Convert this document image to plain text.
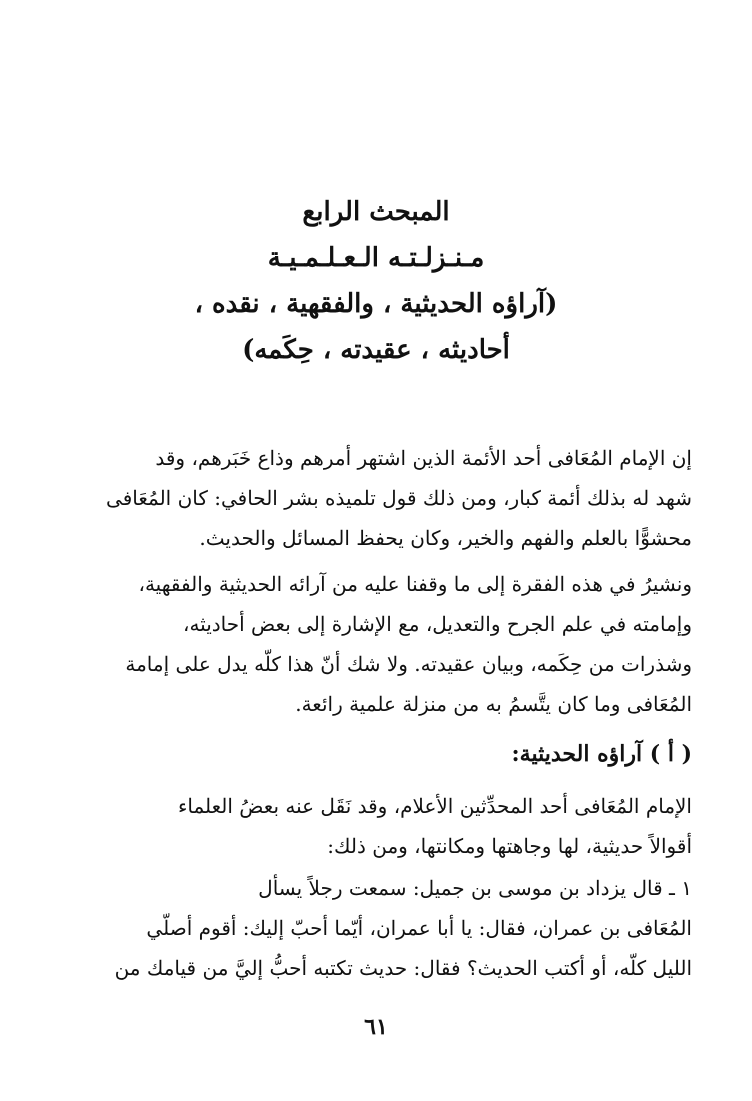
المبحث الرابع
مـنـزلـتـه الـعـلـمـيـة
(آراؤه الحديثية ، والفقهية ، نقده ،
أحاديثه ، عقيدته ، حِكَمه)
إن الإمام المُعَافى أحد الأئمة الذين اشتهر أمرهم وذاع خَبَرهم، وقد
شهد له بذلك أئمة كبار، ومن ذلك قول تلميذه بشر الحافي: كان المُعَافى
محشوًّا بالعلم والفهم والخير، وكان يحفظ المسائل والحديث.
ونشيرُ في هذه الفقرة إلى ما وقفنا عليه من آرائه الحديثية والفقهية،
وإمامته في علم الجرح والتعديل، مع الإشارة إلى بعض أحاديثه،
وشذرات من حِكَمه، وبيان عقيدته. ولا شك أنّ هذا كلّه يدل على إمامة
المُعَافى وما كان يتَّسمُ به من منزلة علمية رائعة.
( أ ) آراؤه الحديثية:
الإمام المُعَافى أحد المحدِّثين الأعلام، وقد نَقَل عنه بعضُ العلماء
أقوالاً حديثية، لها وجاهتها ومكانتها، ومن ذلك:
١ ـ قال يزداد بن موسى بن جميل: سمعت رجلاً يسأل
المُعَافى بن عمران، فقال: يا أبا عمران، أيّما أحبّ إليك: أقوم أصلّي
الليل كلّه، أو أكتب الحديث؟ فقال: حديث تكتبه أحبُّ إليَّ من قيامك من
٦١
